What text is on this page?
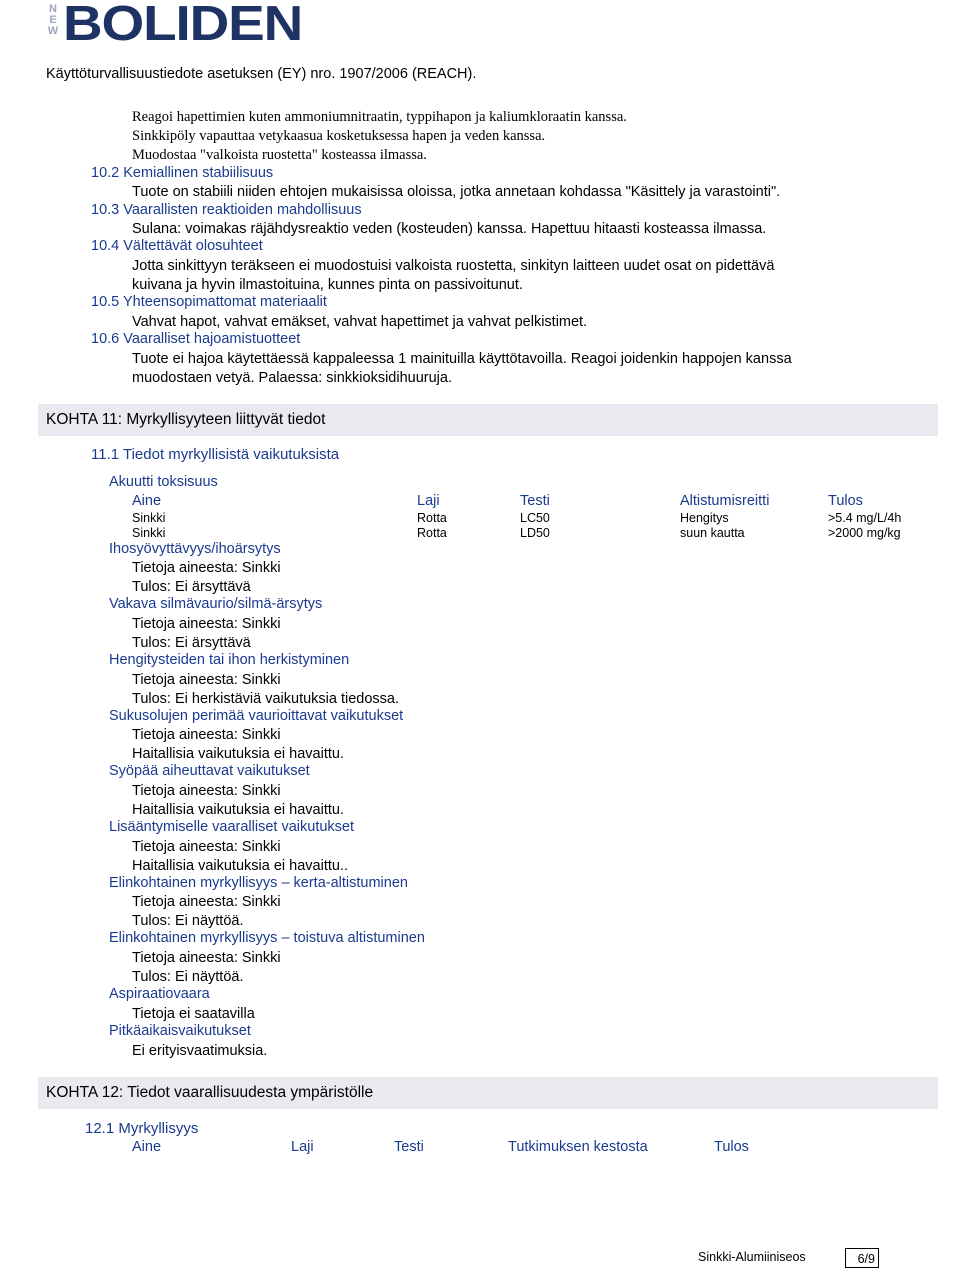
N
E
W BOLIDEN
Käyttöturvallisuustiedote asetuksen (EY) nro. 1907/2006 (REACH).
Reagoi hapettimien kuten ammoniumnitraatin, typpihapon ja kaliumkloraatin kanssa.
Sinkkipöly vapauttaa vetykaasua kosketuksessa hapen ja veden kanssa.
Muodostaa "valkoista ruostetta" kosteassa ilmassa.
10.2 Kemiallinen stabiilisuus
Tuote on stabiili niiden ehtojen mukaisissa oloissa, jotka annetaan kohdassa "Käsittely ja varastointi".
10.3 Vaarallisten reaktioiden mahdollisuus
Sulana: voimakas räjähdysreaktio veden (kosteuden) kanssa. Hapettuu hitaasti kosteassa ilmassa.
10.4 Vältettävät olosuhteet
Jotta sinkittyyn teräkseen ei muodostuisi valkoista ruostetta, sinkityn laitteen uudet osat on pidettävä
kuivana ja hyvin ilmastoituina, kunnes pinta on passivoitunut.
10.5 Yhteensopimattomat materiaalit
Vahvat hapot, vahvat emäkset, vahvat hapettimet ja vahvat pelkistimet.
10.6 Vaaralliset hajoamistuotteet
Tuote ei hajoa käytettäessä kappaleessa 1 mainituilla käyttötavoilla. Reagoi joidenkin happojen kanssa
muodostaen vetyä. Palaessa: sinkkioksidihuuruja.
KOHTA 11: Myrkyllisyyteen liittyvät tiedot
11.1 Tiedot myrkyllisistä vaikutuksista
Akuutti toksisuus
Aine	Laji	Testi	Altistumisreitti	Tulos
Sinkki	Rotta	LC50	Hengitys	>5.4 mg/L/4h
Sinkki	Rotta	LD50	suun kautta	>2000 mg/kg
Ihosyövyttävyys/ihoärsytys
Tietoja aineesta: Sinkki
Tulos: Ei ärsyttävä
Vakava silmävaurio/silmä-ärsytys
Tietoja aineesta: Sinkki
Tulos: Ei ärsyttävä
Hengitysteiden tai ihon herkistyminen
Tietoja aineesta: Sinkki
Tulos: Ei herkistäviä vaikutuksia tiedossa.
Sukusolujen perimää vaurioittavat vaikutukset
Tietoja aineesta: Sinkki
Haitallisia vaikutuksia ei havaittu.
Syöpää aiheuttavat vaikutukset
Tietoja aineesta: Sinkki
Haitallisia vaikutuksia ei havaittu.
Lisääntymiselle vaaralliset vaikutukset
Tietoja aineesta: Sinkki
Haitallisia vaikutuksia ei havaittu..
Elinkohtainen myrkyllisyys – kerta-altistuminen
Tietoja aineesta: Sinkki
Tulos: Ei näyttöä.
Elinkohtainen myrkyllisyys – toistuva altistuminen
Tietoja aineesta: Sinkki
Tulos: Ei näyttöä.
Aspiraatiovaara
Tietoja ei saatavilla
Pitkäaikaisvaikutukset
Ei erityisvaatimuksia.
KOHTA 12: Tiedot vaarallisuudesta ympäristölle
12.1 Myrkyllisyys
Aine	Laji	Testi	Tutkimuksen kestosta	Tulos
Sinkki-Alumiiniseos	6/9
